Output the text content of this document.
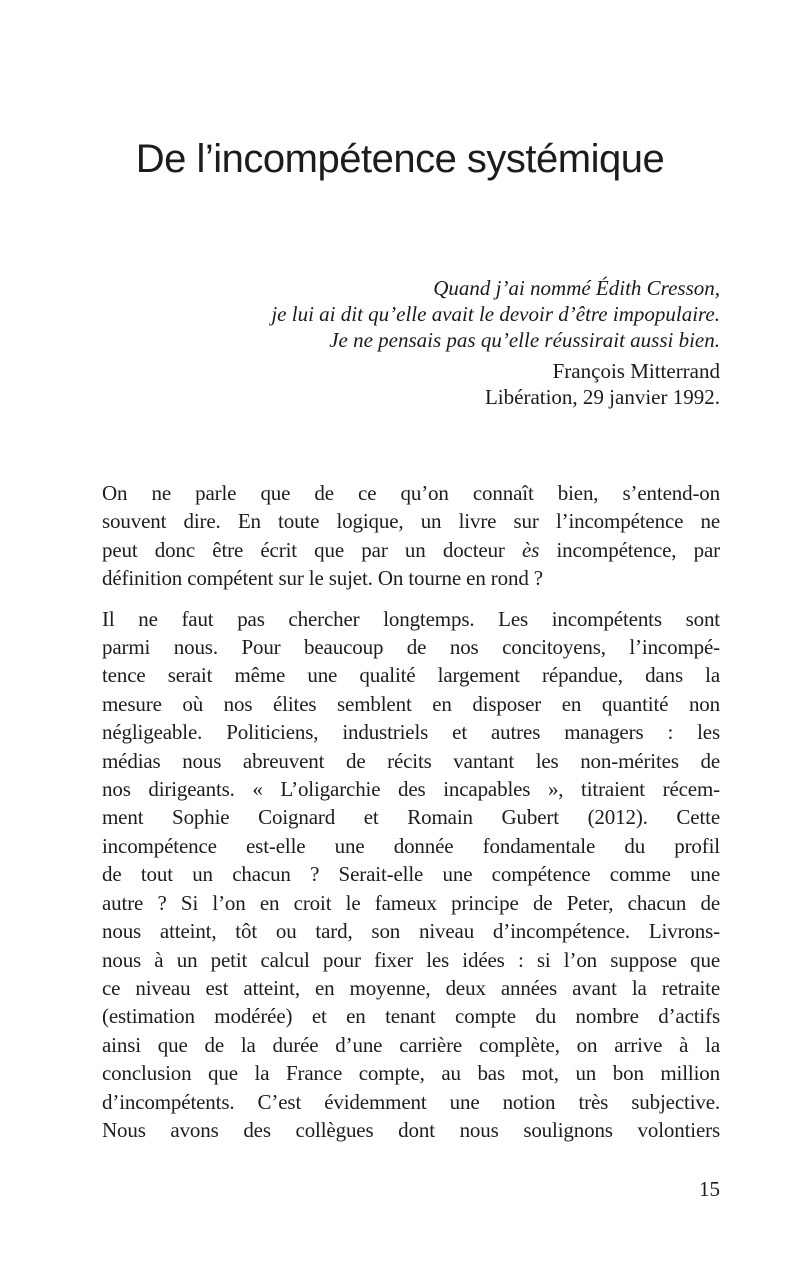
De l’incompétence systémique
Quand j’ai nommé Édith Cresson,
je lui ai dit qu’elle avait le devoir d’être impopulaire.
Je ne pensais pas qu’elle réussirait aussi bien.
François Mitterrand
Libération, 29 janvier 1992.
On ne parle que de ce qu’on connaît bien, s’entend-on
souvent dire. En toute logique, un livre sur l’incompétence ne
peut donc être écrit que par un docteur ès incompétence, par
définition compétent sur le sujet. On tourne en rond ?
Il ne faut pas chercher longtemps. Les incompétents sont
parmi nous. Pour beaucoup de nos concitoyens, l’incompé-
tence serait même une qualité largement répandue, dans la
mesure où nos élites semblent en disposer en quantité non
négligeable. Politiciens, industriels et autres managers : les
médias nous abreuvent de récits vantant les non-mérites de
nos dirigeants. « L’oligarchie des incapables », titraient récem-
ment Sophie Coignard et Romain Gubert (2012). Cette
incompétence est-elle une donnée fondamentale du profil
de tout un chacun ? Serait-elle une compétence comme une
autre ? Si l’on en croit le fameux principe de Peter, chacun de
nous atteint, tôt ou tard, son niveau d’incompétence. Livrons-
nous à un petit calcul pour fixer les idées : si l’on suppose que
ce niveau est atteint, en moyenne, deux années avant la retraite
(estimation modérée) et en tenant compte du nombre d’actifs
ainsi que de la durée d’une carrière complète, on arrive à la
conclusion que la France compte, au bas mot, un bon million
d’incompétents. C’est évidemment une notion très subjective.
Nous avons des collègues dont nous soulignons volontiers
15
